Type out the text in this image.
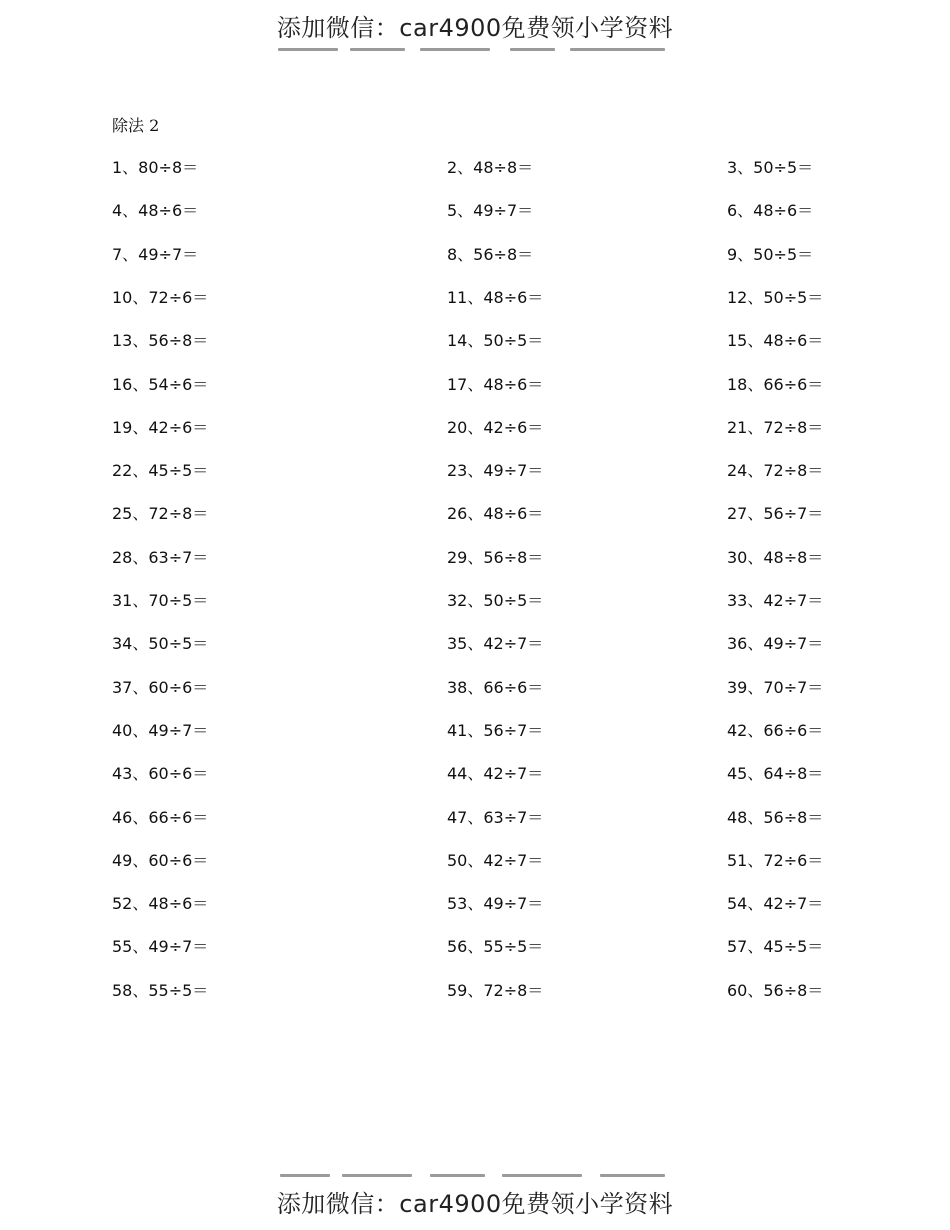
添加微信：car4900免费领小学资料
除法 2
1、80÷8＝	2、48÷8＝	3、50÷5＝
4、48÷6＝	5、49÷7＝	6、48÷6＝
7、49÷7＝	8、56÷8＝	9、50÷5＝
10、72÷6＝	11、48÷6＝	12、50÷5＝
13、56÷8＝	14、50÷5＝	15、48÷6＝
16、54÷6＝	17、48÷6＝	18、66÷6＝
19、42÷6＝	20、42÷6＝	21、72÷8＝
22、45÷5＝	23、49÷7＝	24、72÷8＝
25、72÷8＝	26、48÷6＝	27、56÷7＝
28、63÷7＝	29、56÷8＝	30、48÷8＝
31、70÷5＝	32、50÷5＝	33、42÷7＝
34、50÷5＝	35、42÷7＝	36、49÷7＝
37、60÷6＝	38、66÷6＝	39、70÷7＝
40、49÷7＝	41、56÷7＝	42、66÷6＝
43、60÷6＝	44、42÷7＝	45、64÷8＝
46、66÷6＝	47、63÷7＝	48、56÷8＝
49、60÷6＝	50、42÷7＝	51、72÷6＝
52、48÷6＝	53、49÷7＝	54、42÷7＝
55、49÷7＝	56、55÷5＝	57、45÷5＝
58、55÷5＝	59、72÷8＝	60、56÷8＝
添加微信：car4900免费领小学资料
